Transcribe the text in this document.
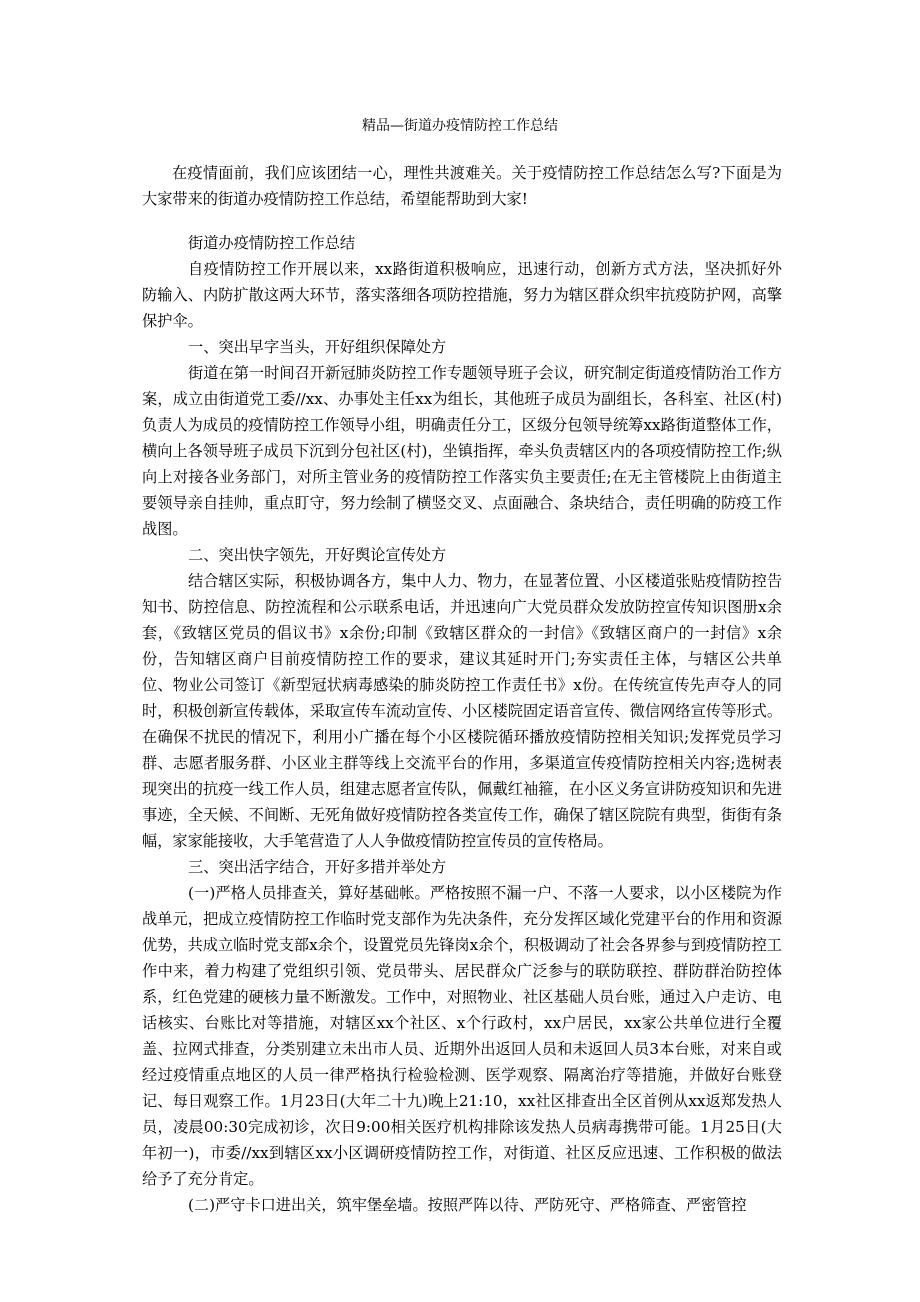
精品—街道办疫情防控工作总结

在疫情面前，我们应该团结一心，理性共渡难关。关于疫情防控工作总结怎么写?下面是为大家带来的街道办疫情防控工作总结，希望能帮助到大家!

街道办疫情防控工作总结

自疫情防控工作开展以来，xx路街道积极响应，迅速行动，创新方式方法，坚决抓好外防输入、内防扩散这两大环节，落实落细各项防控措施，努力为辖区群众织牢抗疫防护网，高擎保护伞。

一、突出早字当头，开好组织保障处方

街道在第一时间召开新冠肺炎防控工作专题领导班子会议，研究制定街道疫情防治工作方案，成立由街道党工委//xx、办事处主任xx为组长，其他班子成员为副组长，各科室、社区(村)负责人为成员的疫情防控工作领导小组，明确责任分工，区级分包领导统筹xx路街道整体工作，横向上各领导班子成员下沉到分包社区(村)，坐镇指挥，牵头负责辖区内的各项疫情防控工作;纵向上对接各业务部门，对所主管业务的疫情防控工作落实负主要责任;在无主管楼院上由街道主要领导亲自挂帅，重点盯守，努力绘制了横竖交叉、点面融合、条块结合，责任明确的防疫工作战图。

二、突出快字领先，开好舆论宣传处方

结合辖区实际，积极协调各方，集中人力、物力，在显著位置、小区楼道张贴疫情防控告知书、防控信息、防控流程和公示联系电话，并迅速向广大党员群众发放防控宣传知识图册x余套，《致辖区党员的倡议书》x余份;印制《致辖区群众的一封信》《致辖区商户的一封信》x余份，告知辖区商户目前疫情防控工作的要求，建议其延时开门;夯实责任主体，与辖区公共单位、物业公司签订《新型冠状病毒感染的肺炎防控工作责任书》x份。在传统宣传先声夺人的同时，积极创新宣传载体，采取宣传车流动宣传、小区楼院固定语音宣传、微信网络宣传等形式。在确保不扰民的情况下，利用小广播在每个小区楼院循环播放疫情防控相关知识;发挥党员学习群、志愿者服务群、小区业主群等线上交流平台的作用，多渠道宣传疫情防控相关内容;选树表现突出的抗疫一线工作人员，组建志愿者宣传队，佩戴红袖箍，在小区义务宣讲防疫知识和先进事迹，全天候、不间断、无死角做好疫情防控各类宣传工作，确保了辖区院院有典型，街街有条幅，家家能接收，大手笔营造了人人争做疫情防控宣传员的宣传格局。

三、突出活字结合，开好多措并举处方

(一)严格人员排查关，算好基础帐。严格按照不漏一户、不落一人要求，以小区楼院为作战单元，把成立疫情防控工作临时党支部作为先决条件，充分发挥区域化党建平台的作用和资源优势，共成立临时党支部x余个，设置党员先锋岗x余个，积极调动了社会各界参与到疫情防控工作中来，着力构建了党组织引领、党员带头、居民群众广泛参与的联防联控、群防群治防控体系，红色党建的硬核力量不断激发。工作中，对照物业、社区基础人员台账，通过入户走访、电话核实、台账比对等措施，对辖区xx个社区、x个行政村，xx户居民，xx家公共单位进行全覆盖、拉网式排查，分类别建立未出市人员、近期外出返回人员和未返回人员3本台账，对来自或经过疫情重点地区的人员一律严格执行检验检测、医学观察、隔离治疗等措施，并做好台账登记、每日观察工作。1月23日(大年二十九)晚上21:10，xx社区排查出全区首例从xx返郑发热人员，凌晨00:30完成初诊，次日9:00相关医疗机构排除该发热人员病毒携带可能。1月25日(大年初一)，市委//xx到辖区xx小区调研疫情防控工作，对街道、社区反应迅速、工作积极的做法给予了充分肯定。

(二)严守卡口进出关，筑牢堡垒墙。按照严阵以待、严防死守、严格筛查、严密管控
